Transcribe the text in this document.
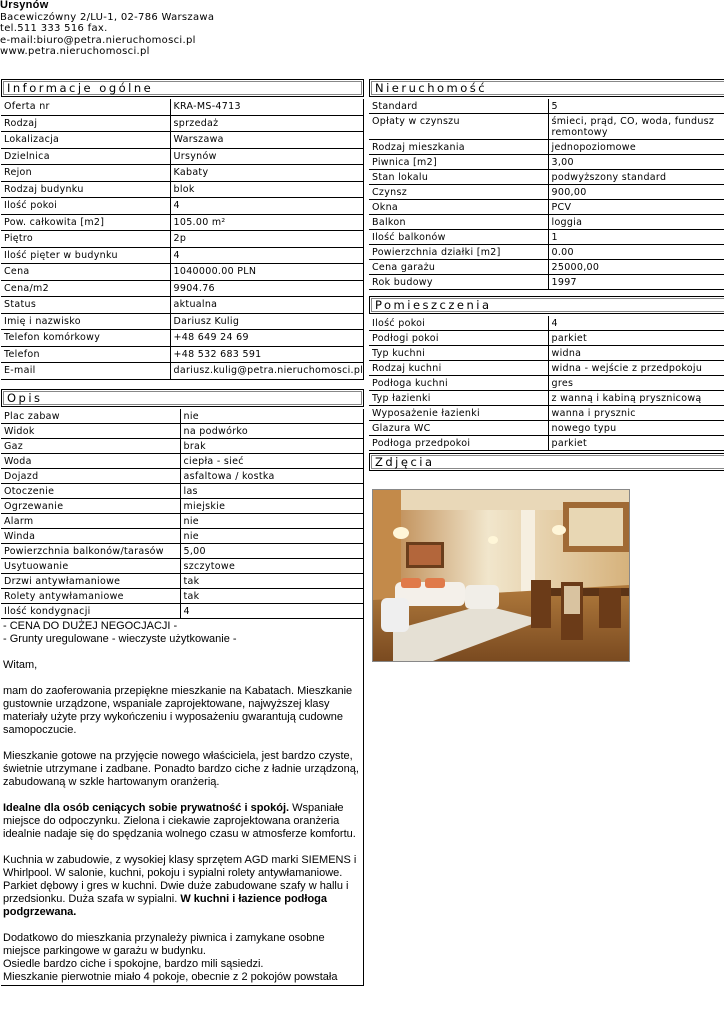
Ursynów
Bacewiczówny 2/LU-1, 02-786 Warszawa
tel.511 333 516 fax.
e-mail:biuro@petra.nieruchomosci.pl
www.petra.nieruchomosci.pl
Informacje ogólne
Oferta nr	KRA-MS-4713
Rodzaj	sprzedaż
Lokalizacja	Warszawa
Dzielnica	Ursynów
Rejon	Kabaty
Rodzaj budynku	blok
Ilość pokoi	4
Pow. całkowita [m2]	105.00 m²
Piętro	2p
Ilość pięter w budynku	4
Cena	1040000.00 PLN
Cena/m2	9904.76
Status	aktualna
Imię i nazwisko	Dariusz Kulig
Telefon komórkowy	+48 649 24 69
Telefon	+48 532 683 591
E-mail	dariusz.kulig@petra.nieruchomosci.pl
Opis
Plac zabaw	nie
Widok	na podwórko
Gaz	brak
Woda	ciepła - sieć
Dojazd	asfaltowa / kostka
Otoczenie	las
Ogrzewanie	miejskie
Alarm	nie
Winda	nie
Powierzchnia balkonów/tarasów	5,00
Usytuowanie	szczytowe
Drzwi antywłamaniowe	tak
Rolety antywłamaniowe	tak
Ilość kondygnacji	4

- CENA DO DUŻEJ NEGOCJACJI -

- Grunty uregulowane - wieczyste użytkowanie -

Witam,

mam do zaoferowania przepiękne mieszkanie na Kabatach. Mieszkanie gustownie urządzone, wspaniale zaprojektowane, najwyższej klasy materiały użyte przy wykończeniu i wyposażeniu gwarantują cudowne samopoczucie.

Mieszkanie gotowe na przyjęcie nowego właściciela, jest bardzo czyste, świetnie utrzymane i zadbane. Ponadto bardzo ciche z ładnie urządzoną, zabudowaną w szkle hartowanym oranżerią.

Idealne dla osób ceniących sobie prywatność i spokój. Wspaniałe miejsce do odpoczynku. Zielona i ciekawie zaprojektowana oranżeria idealnie nadaje się do spędzania wolnego czasu w atmosferze komfortu.

Kuchnia w zabudowie, z wysokiej klasy sprzętem AGD marki SIEMENS i Whirlpool. W salonie, kuchni, pokoju i sypialni rolety antywłamaniowe. Parkiet dębowy i gres w kuchni. Dwie duże zabudowane szafy w hallu i przedsionku. Duża szafa w sypialni. W kuchni i łazience podłoga podgrzewana.

Dodatkowo do mieszkania przynależy piwnica i zamykane osobne miejsce parkingowe w garażu w budynku.

Osiedle bardzo ciche i spokojne, bardzo mili sąsiedzi.

Mieszkanie pierwotnie miało 4 pokoje, obecnie z 2 pokojów powstała

Nieruchomość
Standard	5
Opłaty w czynszu	śmieci, prąd, CO, woda, fundusz remontowy
Rodzaj mieszkania	jednopoziomowe
Piwnica [m2]	3,00
Stan lokalu	podwyższony standard
Czynsz	900,00
Okna	PCV
Balkon	loggia
Ilość balkonów	1
Powierzchnia działki [m2]	0.00
Cena garażu	25000,00
Rok budowy	1997
Pomieszczenia
Ilość pokoi	4
Podłogi pokoi	parkiet
Typ kuchni	widna
Rodzaj kuchni	widna - wejście z przedpokoju
Podłoga kuchni	gres
Typ łazienki	z wanną i kabiną prysznicową
Wyposażenie łazienki	wanna i prysznic
Glazura WC	nowego typu
Podłoga przedpokoi	parkiet
Zdjęcia
